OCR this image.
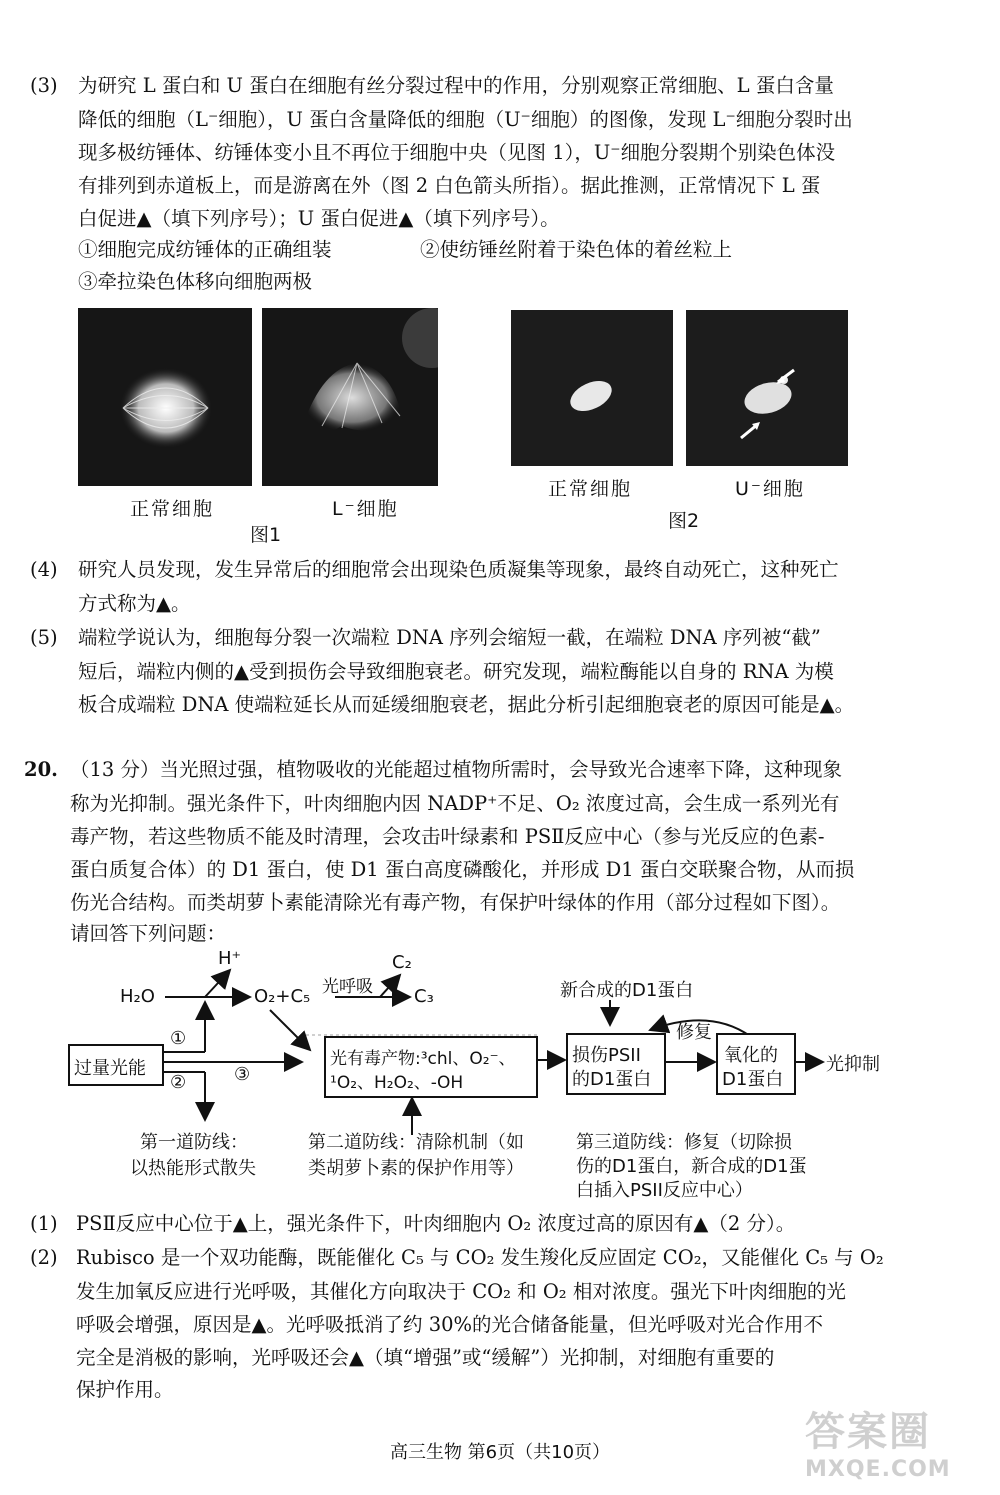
(3) 为研究 L 蛋白和 U 蛋白在细胞有丝分裂过程中的作用，分别观察正常细胞、L 蛋白含量
降低的细胞（L⁻细胞），U 蛋白含量降低的细胞（U⁻细胞）的图像，发现 L⁻细胞分裂时出
现多极纺锤体、纺锤体变小且不再位于细胞中央（见图 1），U⁻细胞分裂期个别染色体没
有排列到赤道板上，而是游离在外（图 2 白色箭头所指）。据此推测，正常情况下 L 蛋
白促进▲（填下列序号）；U 蛋白促进▲（填下列序号）。
①细胞完成纺锤体的正确组装	②使纺锤丝附着于染色体的着丝粒上
③牵拉染色体移向细胞两极
正常细胞	L⁻细胞
图1
正常细胞	U⁻细胞
图2
(4) 研究人员发现，发生异常后的细胞常会出现染色质凝集等现象，最终自动死亡，这种死亡
方式称为▲。
(5) 端粒学说认为，细胞每分裂一次端粒 DNA 序列会缩短一截，在端粒 DNA 序列被“截”
短后，端粒内侧的▲受到损伤会导致细胞衰老。研究发现，端粒酶能以自身的 RNA 为模
板合成端粒 DNA 使端粒延长从而延缓细胞衰老，据此分析引起细胞衰老的原因可能是▲。
20. （13 分）当光照过强，植物吸收的光能超过植物所需时，会导致光合速率下降，这种现象
称为光抑制。强光条件下，叶肉细胞内因 NADP⁺不足、O₂ 浓度过高，会生成一系列光有
毒产物，若这些物质不能及时清理，会攻击叶绿素和 PSⅡ反应中心（参与光反应的色素-
蛋白质复合体）的 D1 蛋白，使 D1 蛋白高度磷酸化，并形成 D1 蛋白交联聚合物，从而损
伤光合结构。而类胡萝卜素能清除光有毒产物，有保护叶绿体的作用（部分过程如下图）。
请回答下列问题：
H₂O
H⁺
O₂+C₅ 光呼吸
C₂
C₃	新合成的D1蛋白
过量光能
①
②	③
光有毒产物:³chl、O₂⁻、
¹O₂、H₂O₂、-OH
损伤PSII
的D1蛋白
修复
氧化的
D1蛋白
光抑制
第一道防线：
以热能形式散失
第二道防线：清除机制（如
类胡萝卜素的保护作用等）
第三道防线：修复（切除损
伤的D1蛋白，新合成的D1蛋
白插入PSII反应中心）
(1) PSⅡ反应中心位于▲上，强光条件下，叶肉细胞内 O₂ 浓度过高的原因有▲（2 分）。
(2) Rubisco 是一个双功能酶，既能催化 C₅ 与 CO₂ 发生羧化反应固定 CO₂，又能催化 C₅ 与 O₂
发生加氧反应进行光呼吸，其催化方向取决于 CO₂ 和 O₂ 相对浓度。强光下叶肉细胞的光
呼吸会增强，原因是▲。光呼吸抵消了约 30%的光合储备能量，但光呼吸对光合作用不
完全是消极的影响，光呼吸还会▲（填“增强”或“缓解”）光抑制，对细胞有重要的
保护作用。
高三生物 第6页（共10页）	答案圈
MXQE.COM
